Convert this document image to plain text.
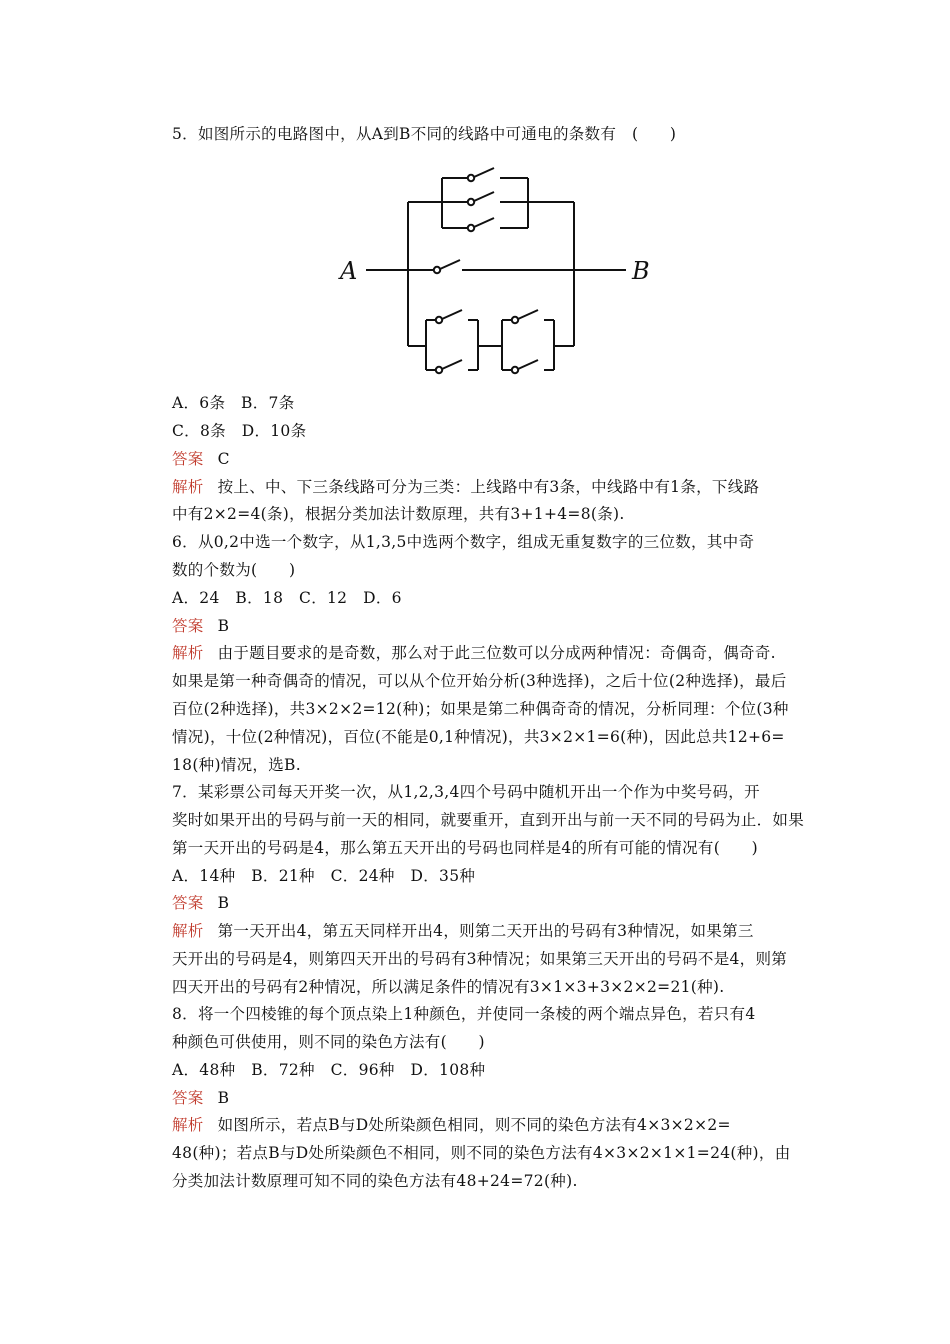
5．如图所示的电路图中，从A到B不同的线路中可通电的条数有　(　　)
A	B
A．6条　B．7条
C．8条　D．10条
答案 C
解析 按上、中、下三条线路可分为三类：上线路中有3条，中线路中有1条，下线路
中有2×2=4(条)，根据分类加法计数原理，共有3+1+4=8(条).
6．从0,2中选一个数字，从1,3,5中选两个数字，组成无重复数字的三位数，其中奇
数的个数为(　　)
A．24　B．18　C．12　D．6
答案 B
解析 由于题目要求的是奇数，那么对于此三位数可以分成两种情况：奇偶奇，偶奇奇.
如果是第一种奇偶奇的情况，可以从个位开始分析(3种选择)，之后十位(2种选择)，最后
百位(2种选择)，共3×2×2=12(种)；如果是第二种偶奇奇的情况，分析同理：个位(3种
情况)，十位(2种情况)，百位(不能是0,1种情况)，共3×2×1=6(种)，因此总共12+6=
18(种)情况，选B.
7．某彩票公司每天开奖一次，从1,2,3,4四个号码中随机开出一个作为中奖号码，开
奖时如果开出的号码与前一天的相同，就要重开，直到开出与前一天不同的号码为止．如果
第一天开出的号码是4，那么第五天开出的号码也同样是4的所有可能的情况有(　　)
A．14种　B．21种　C．24种　D．35种
答案 B
解析 第一天开出4，第五天同样开出4，则第二天开出的号码有3种情况，如果第三
天开出的号码是4，则第四天开出的号码有3种情况；如果第三天开出的号码不是4，则第
四天开出的号码有2种情况，所以满足条件的情况有3×1×3+3×2×2=21(种).
8．将一个四棱锥的每个顶点染上1种颜色，并使同一条棱的两个端点异色，若只有4
种颜色可供使用，则不同的染色方法有(　　)
A．48种　B．72种　C．96种　D．108种
答案 B
解析 如图所示，若点B与D处所染颜色相同，则不同的染色方法有4×3×2×2=
48(种)；若点B与D处所染颜色不相同，则不同的染色方法有4×3×2×1×1=24(种)，由
分类加法计数原理可知不同的染色方法有48+24=72(种).
